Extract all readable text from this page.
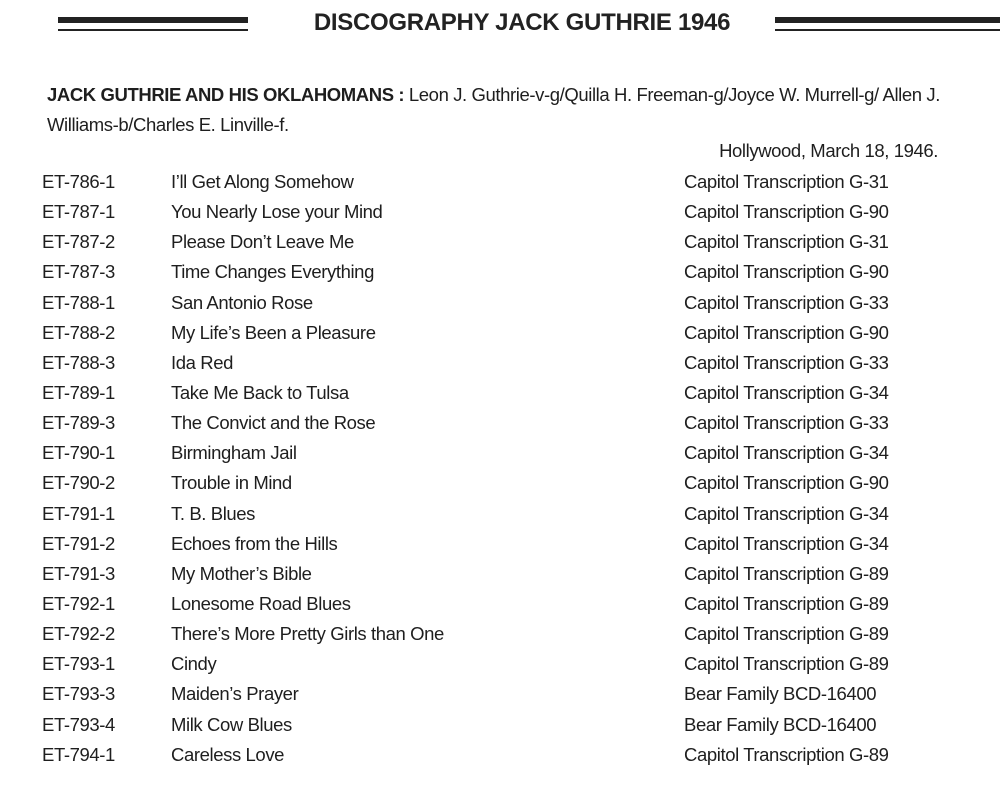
DISCOGRAPHY JACK GUTHRIE 1946
JACK GUTHRIE AND HIS OKLAHOMANS : Leon J. Guthrie-v-g/Quilla H. Freeman-g/Joyce W. Murrell-g/ Allen J. Williams-b/Charles E. Linville-f.
Hollywood, March 18, 1946.
ET-786-1	I’ll Get Along Somehow	Capitol Transcription G-31
ET-787-1	You Nearly Lose your Mind	Capitol Transcription G-90
ET-787-2	Please Don’t Leave Me	Capitol Transcription G-31
ET-787-3	Time Changes Everything	Capitol Transcription G-90
ET-788-1	San Antonio Rose	Capitol Transcription G-33
ET-788-2	My Life’s Been a Pleasure	Capitol Transcription G-90
ET-788-3	Ida Red	Capitol Transcription G-33
ET-789-1	Take Me Back to Tulsa	Capitol Transcription G-34
ET-789-3	The Convict and the Rose	Capitol Transcription G-33
ET-790-1	Birmingham Jail	Capitol Transcription G-34
ET-790-2	Trouble in Mind	Capitol Transcription G-90
ET-791-1	T. B. Blues	Capitol Transcription G-34
ET-791-2	Echoes from the Hills	Capitol Transcription G-34
ET-791-3	My Mother’s Bible	Capitol Transcription G-89
ET-792-1	Lonesome Road Blues	Capitol Transcription G-89
ET-792-2	There’s More Pretty Girls than One	Capitol Transcription G-89
ET-793-1	Cindy	Capitol Transcription G-89
ET-793-3	Maiden’s Prayer	Bear Family BCD-16400
ET-793-4	Milk Cow Blues	Bear Family BCD-16400
ET-794-1	Careless Love	Capitol Transcription G-89
